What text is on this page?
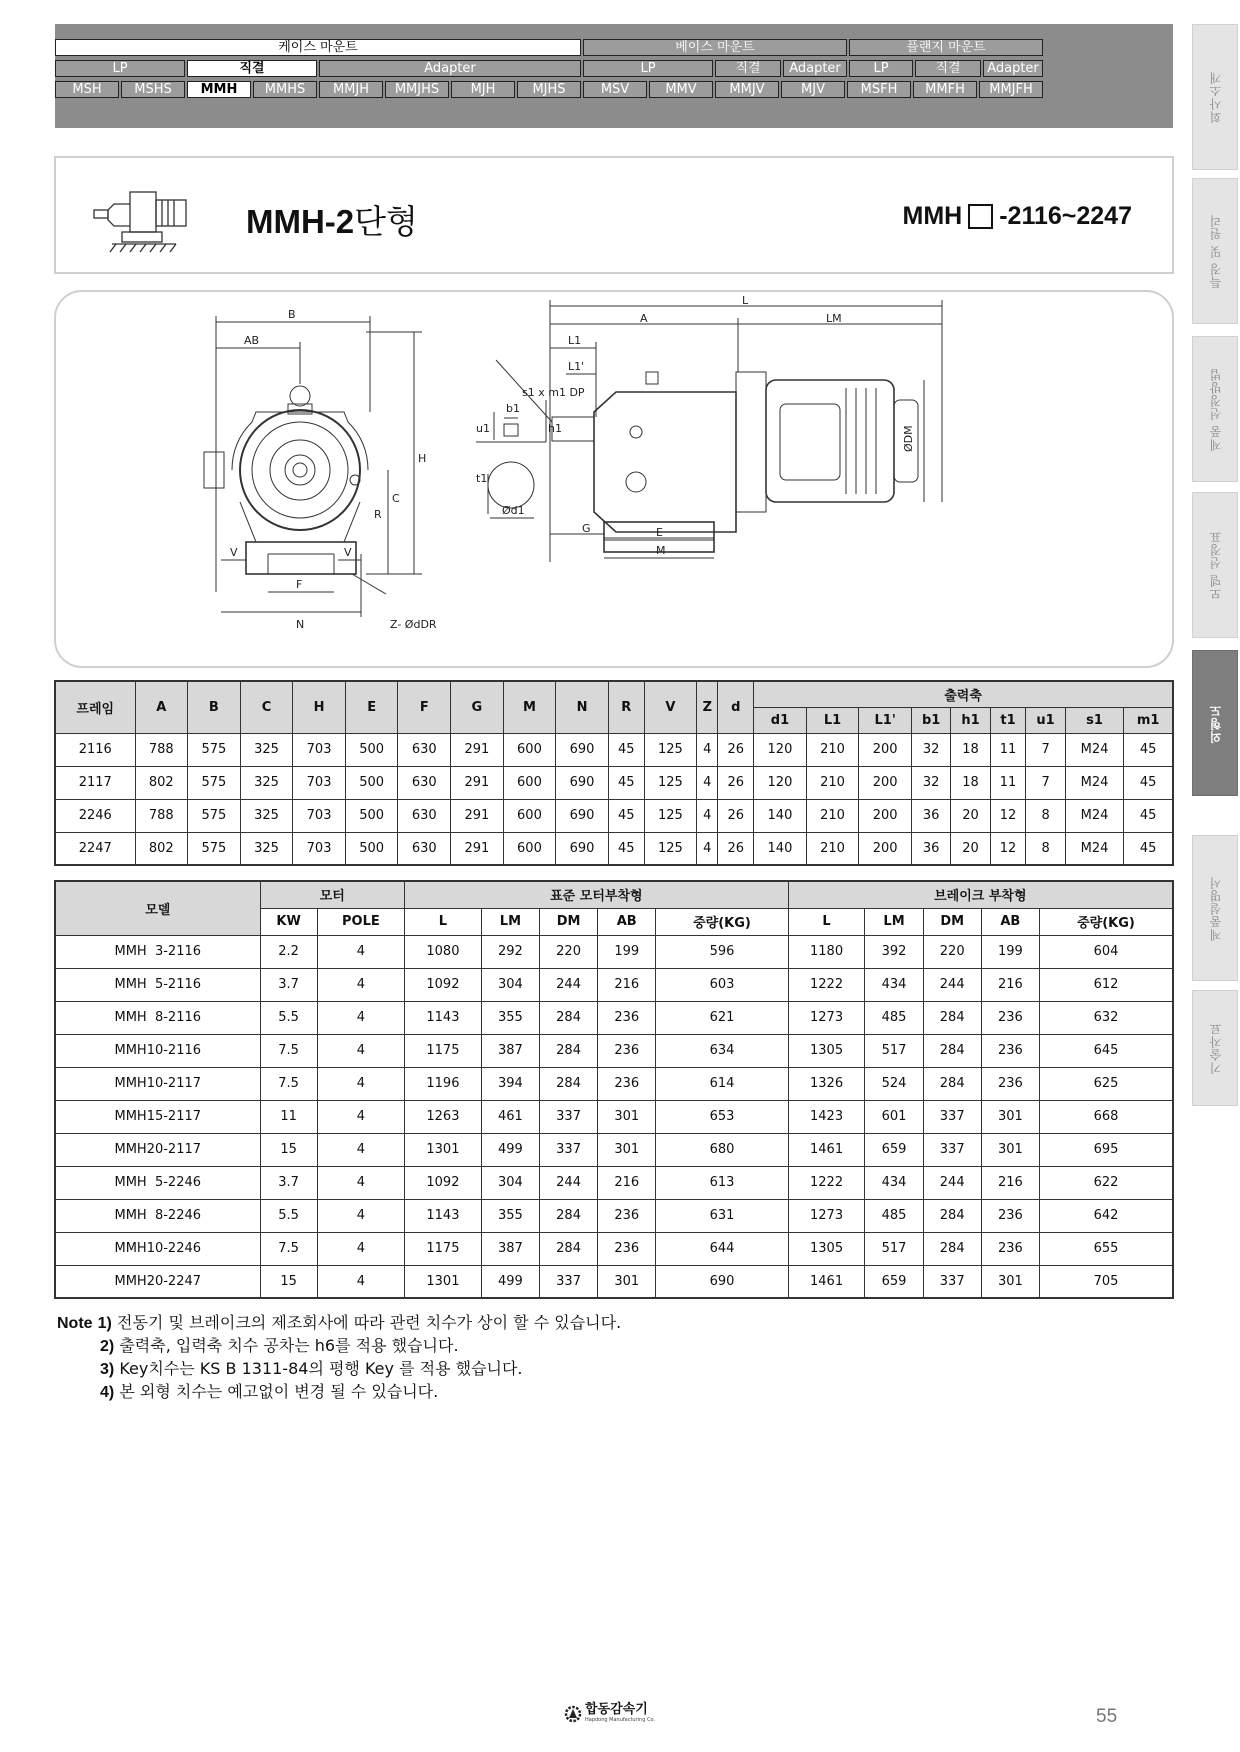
케이스 마운트	베이스 마운트	플랜지 마운트
LP	직결	Adapter	LP	직결	Adapter	LP	직결	Adapter
MSH	MSHS	MMH	MMHS	MMJH	MMJHS	MJH	MJHS	MSV	MMV	MMJV	MJV	MSFH	MMFH	MMJFH	회사소개
특징 및 원리
제품 선정방법
모델 선정표
외형도
제품설명서
기술자료
MMH-2단형	MMH -2116~2247
B
AB
H
C
R
V	V
F
N	Z- ØdDR
s1 x m1 DP
b1
u1
t1
h1
Ød1
L
A	LM
L1
L1'
G	E
M
ØDM
프레임	A	B	C	H	E	F	G	M	N	R	V	Z	d	출력축								
														d1	L1	L1'	b1	h1	t1	u1	s1	m1
2116	788	575	325	703	500	630	291	600	690	45	125	4	26	120	210	200	32	18	11	7	M24	45
2117	802	575	325	703	500	630	291	600	690	45	125	4	26	120	210	200	32	18	11	7	M24	45
2246	788	575	325	703	500	630	291	600	690	45	125	4	26	140	210	200	36	20	12	8	M24	45
2247	802	575	325	703	500	630	291	600	690	45	125	4	26	140	210	200	36	20	12	8	M24	45
모델	모터		표준 모터부착형					브레이크 부착형				
	KW	POLE	L	LM	DM	AB	중량(KG)	L	LM	DM	AB	중량(KG)
MMH  3-2116	2.2	4	1080	292	220	199	596	1180	392	220	199	604
MMH  5-2116	3.7	4	1092	304	244	216	603	1222	434	244	216	612
MMH  8-2116	5.5	4	1143	355	284	236	621	1273	485	284	236	632
MMH10-2116	7.5	4	1175	387	284	236	634	1305	517	284	236	645
MMH10-2117	7.5	4	1196	394	284	236	614	1326	524	284	236	625
MMH15-2117	11	4	1263	461	337	301	653	1423	601	337	301	668
MMH20-2117	15	4	1301	499	337	301	680	1461	659	337	301	695
MMH  5-2246	3.7	4	1092	304	244	216	613	1222	434	244	216	622
MMH  8-2246	5.5	4	1143	355	284	236	631	1273	485	284	236	642
MMH10-2246	7.5	4	1175	387	284	236	644	1305	517	284	236	655
MMH20-2247	15	4	1301	499	337	301	690	1461	659	337	301	705
Note 1) 전동기 및 브레이크의 제조회사에 따라 관련 치수가 상이 할 수 있습니다.
2) 출력축, 입력축 치수 공차는 h6를 적용 했습니다.
3) Key치수는 KS B 1311-84의 평행 Key 를 적용 했습니다.
4) 본 외형 치수는 예고없이 변경 될 수 있습니다.
합동감속기
Hapdong Manufacturing Co.	55
